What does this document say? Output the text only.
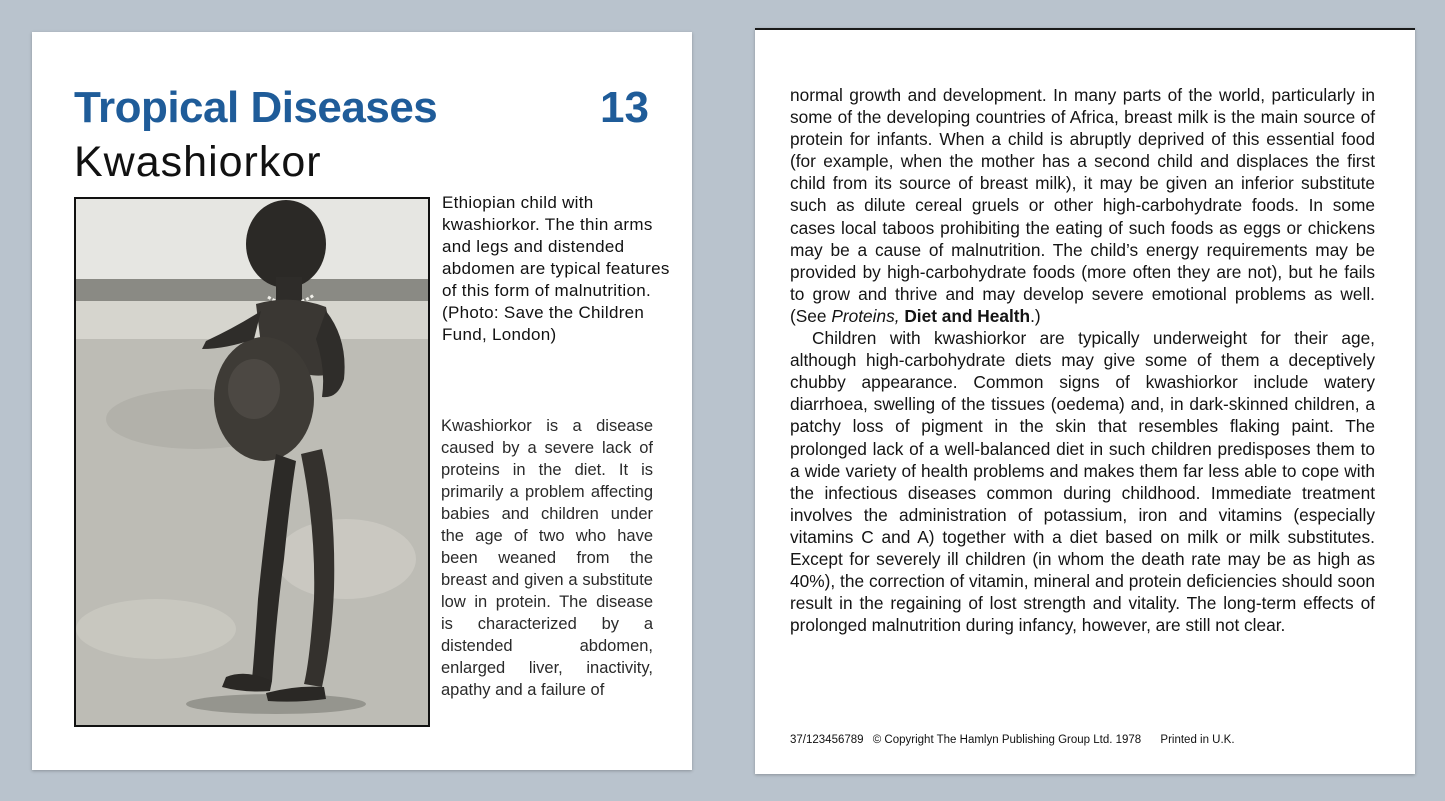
Tropical Diseases	13
Kwashiorkor
Ethiopian child with kwashiorkor. The thin arms and legs and distended abdomen are typical features of this form of malnutrition. (Photo: Save the Children Fund, London)

Kwashiorkor is a disease caused by a severe lack of proteins in the diet. It is primarily a problem affecting babies and children under the age of two who have been weaned from the breast and given a substitute low in protein. The disease is characterized by a distended abdomen, enlarged liver, inactivity, apathy and a failure of

normal growth and development. In many parts of the world, particularly in some of the developing countries of Africa, breast milk is the main source of protein for infants. When a child is abruptly deprived of this essential food (for example, when the mother has a second child and displaces the first child from its source of breast milk), it may be given an inferior substitute such as dilute cereal gruels or other high-carbohydrate foods. In some cases local taboos prohibiting the eating of such foods as eggs or chickens may be a cause of malnutrition. The child’s energy requirements may be provided by high-carbohydrate foods (more often they are not), but he fails to grow and thrive and may develop severe emotional problems as well. (See Proteins, Diet and Health.)

Children with kwashiorkor are typically underweight for their age, although high-carbohydrate diets may give some of them a deceptively chubby appearance. Common signs of kwashiorkor include watery diarrhoea, swelling of the tissues (oedema) and, in dark-skinned children, a patchy loss of pigment in the skin that resembles flaking paint. The prolonged lack of a well-balanced diet in such children predisposes them to a wide variety of health problems and makes them far less able to cope with the infectious diseases common during childhood. Immediate treatment involves the administration of potassium, iron and vitamins (especially vitamins C and A) together with a diet based on milk or milk substitutes. Except for severely ill children (in whom the death rate may be as high as 40%), the correction of vitamin, mineral and protein deficiencies should soon result in the regaining of lost strength and vitality. The long-term effects of prolonged malnutrition during infancy, however, are still not clear.

37/123456789 © Copyright The Hamlyn Publishing Group Ltd. 1978 Printed in U.K.
